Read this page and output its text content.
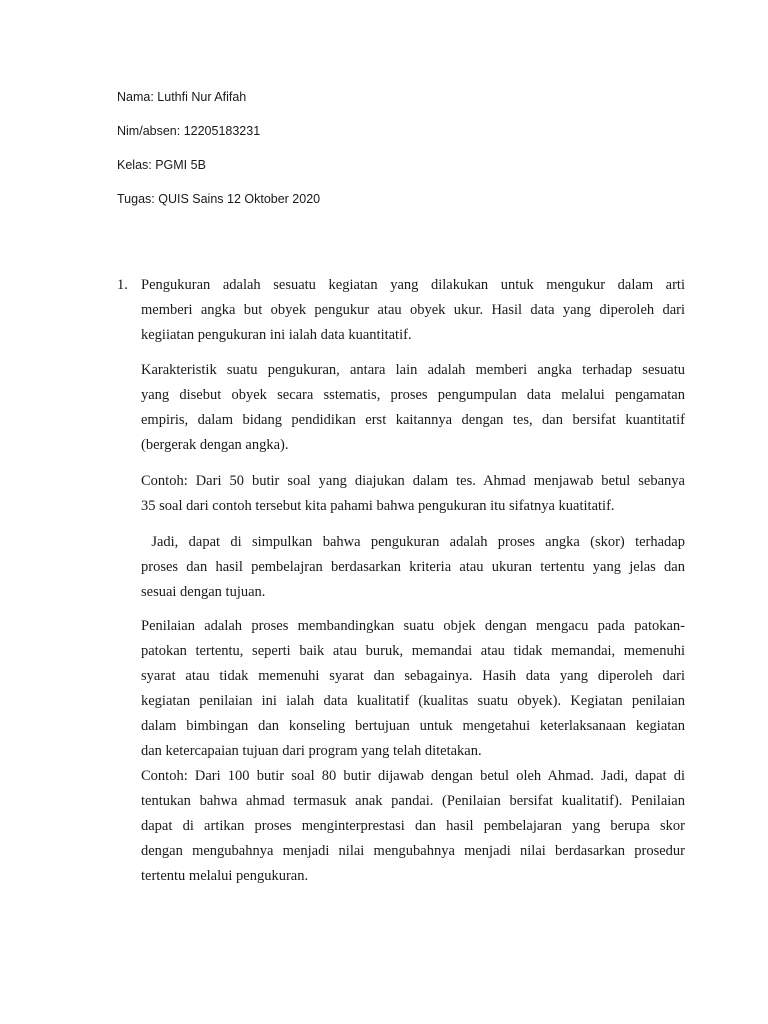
Nama: Luthfi Nur Afifah
Nim/absen: 12205183231
Kelas: PGMI 5B
Tugas: QUIS Sains 12 Oktober 2020
1. Pengukuran adalah sesuatu kegiatan yang dilakukan untuk mengukur dalam arti
memberi angka but obyek pengukur atau obyek ukur. Hasil data yang diperoleh dari
kegiiatan pengukuran ini ialah data kuantitatif.
Karakteristik suatu pengukuran, antara lain adalah memberi angka terhadap sesuatu
yang disebut obyek secara sstematis, proses pengumpulan data melalui pengamatan
empiris, dalam bidang pendidikan erst kaitannya dengan tes, dan bersifat kuantitatif
(bergerak dengan angka).
Contoh: Dari 50 butir soal yang diajukan dalam tes. Ahmad menjawab betul sebanya
35 soal dari contoh tersebut kita pahami bahwa pengukuran itu sifatnya kuatitatif.
Jadi, dapat di simpulkan bahwa pengukuran adalah proses angka (skor) terhadap
proses dan hasil pembelajran berdasarkan kriteria atau ukuran tertentu yang jelas dan
sesuai dengan tujuan.
Penilaian adalah proses membandingkan suatu objek dengan mengacu pada patokan-
patokan tertentu, seperti baik atau buruk, memandai atau tidak memandai, memenuhi
syarat atau tidak memenuhi syarat dan sebagainya. Hasih data yang diperoleh dari
kegiatan penilaian ini ialah data kualitatif (kualitas suatu obyek). Kegiatan penilaian
dalam bimbingan dan konseling bertujuan untuk mengetahui keterlaksanaan kegiatan
dan ketercapaian tujuan dari program yang telah ditetakan.
Contoh: Dari 100 butir soal 80 butir dijawab dengan betul oleh Ahmad. Jadi, dapat di
tentukan bahwa ahmad termasuk anak pandai. (Penilaian bersifat kualitatif). Penilaian
dapat di artikan proses menginterprestasi dan hasil pembelajaran yang berupa skor
dengan mengubahnya menjadi nilai mengubahnya menjadi nilai berdasarkan prosedur
tertentu melalui pengukuran.
